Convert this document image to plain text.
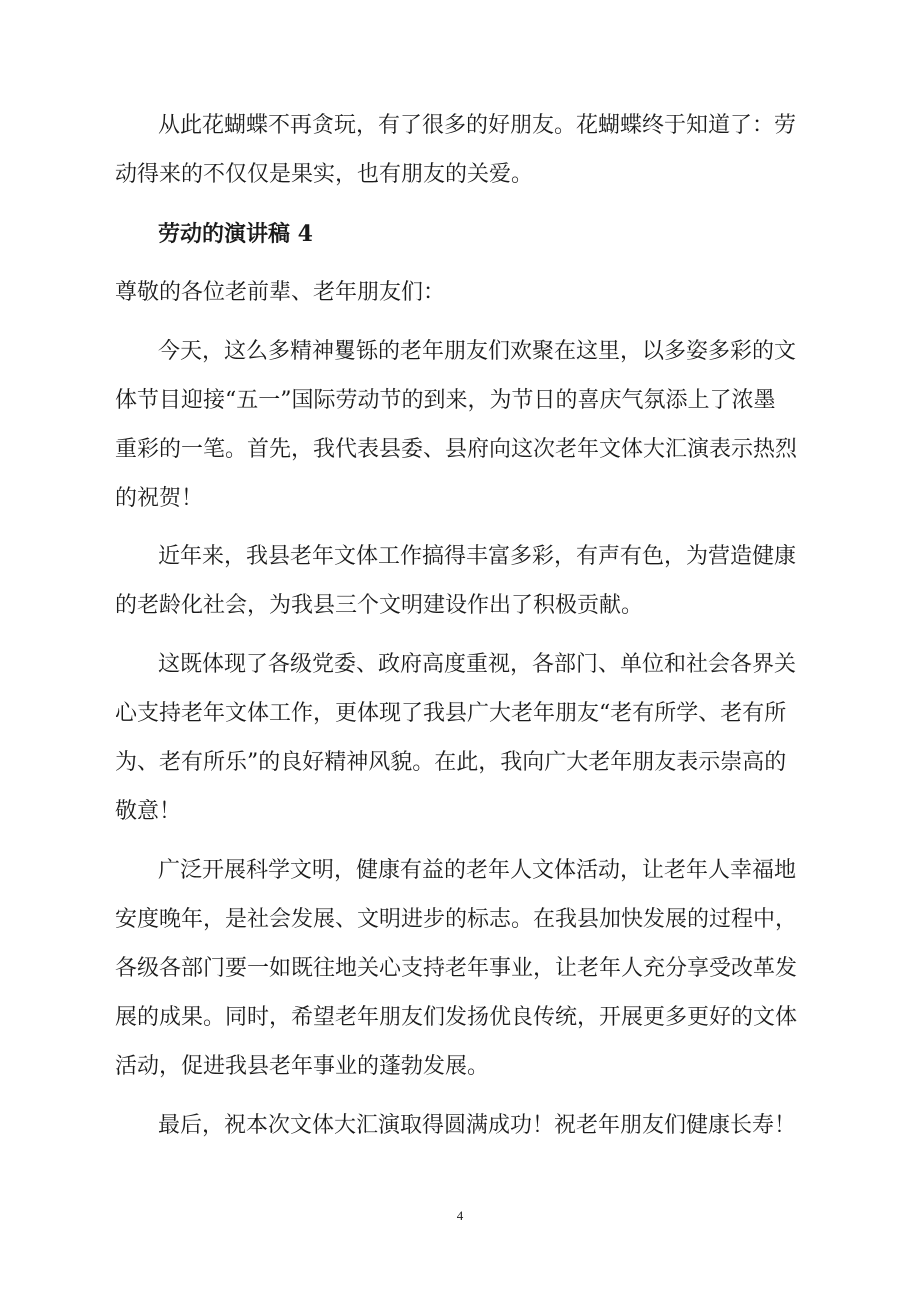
从此花蝴蝶不再贪玩，有了很多的好朋友。花蝴蝶终于知道了：劳
动得来的不仅仅是果实，也有朋友的关爱。
劳动的演讲稿 4
尊敬的各位老前辈、老年朋友们：
今天，这么多精神矍铄的老年朋友们欢聚在这里，以多姿多彩的文
体节目迎接“五一”国际劳动节的到来，为节日的喜庆气氛添上了浓墨
重彩的一笔。首先，我代表县委、县府向这次老年文体大汇演表示热烈
的祝贺！
近年来，我县老年文体工作搞得丰富多彩，有声有色，为营造健康
的老龄化社会，为我县三个文明建设作出了积极贡献。
这既体现了各级党委、政府高度重视，各部门、单位和社会各界关
心支持老年文体工作，更体现了我县广大老年朋友“老有所学、老有所
为、老有所乐”的良好精神风貌。在此，我向广大老年朋友表示崇高的
敬意！
广泛开展科学文明，健康有益的老年人文体活动，让老年人幸福地
安度晚年，是社会发展、文明进步的标志。在我县加快发展的过程中，
各级各部门要一如既往地关心支持老年事业，让老年人充分享受改革发
展的成果。同时，希望老年朋友们发扬优良传统，开展更多更好的文体
活动，促进我县老年事业的蓬勃发展。
最后，祝本次文体大汇演取得圆满成功！祝老年朋友们健康长寿！
4
